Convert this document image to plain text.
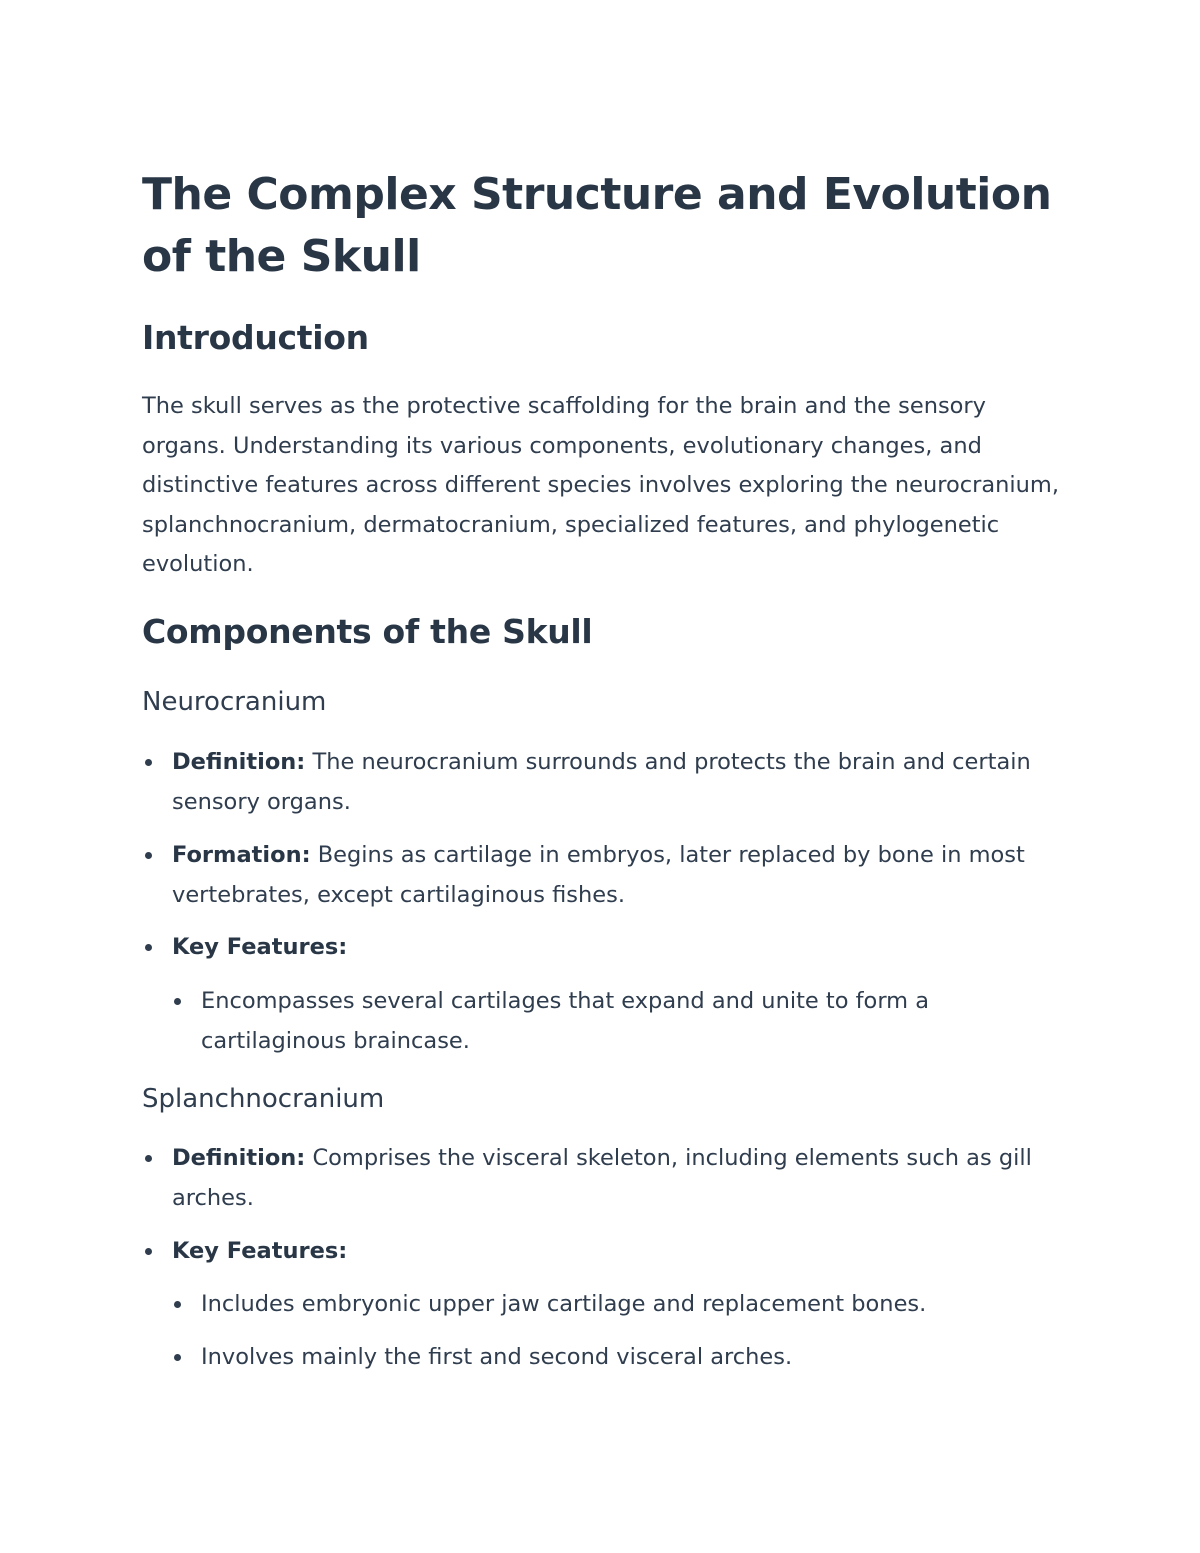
The Complex Structure and Evolution of the Skull
Introduction

The skull serves as the protective scaffolding for the brain and the sensory organs. Understanding its various components, evolutionary changes, and distinctive features across different species involves exploring the neurocranium, splanchnocranium, dermatocranium, specialized features, and phylogenetic evolution.

Components of the Skull
Neurocranium
Definition: The neurocranium surrounds and protects the brain and certain sensory organs.
Formation: Begins as cartilage in embryos, later replaced by bone in most vertebrates, except cartilaginous fishes.
Key Features:
Encompasses several cartilages that expand and unite to form a cartilaginous braincase.
Splanchnocranium
Definition: Comprises the visceral skeleton, including elements such as gill arches.
Key Features:
Includes embryonic upper jaw cartilage and replacement bones.
Involves mainly the first and second visceral arches.
